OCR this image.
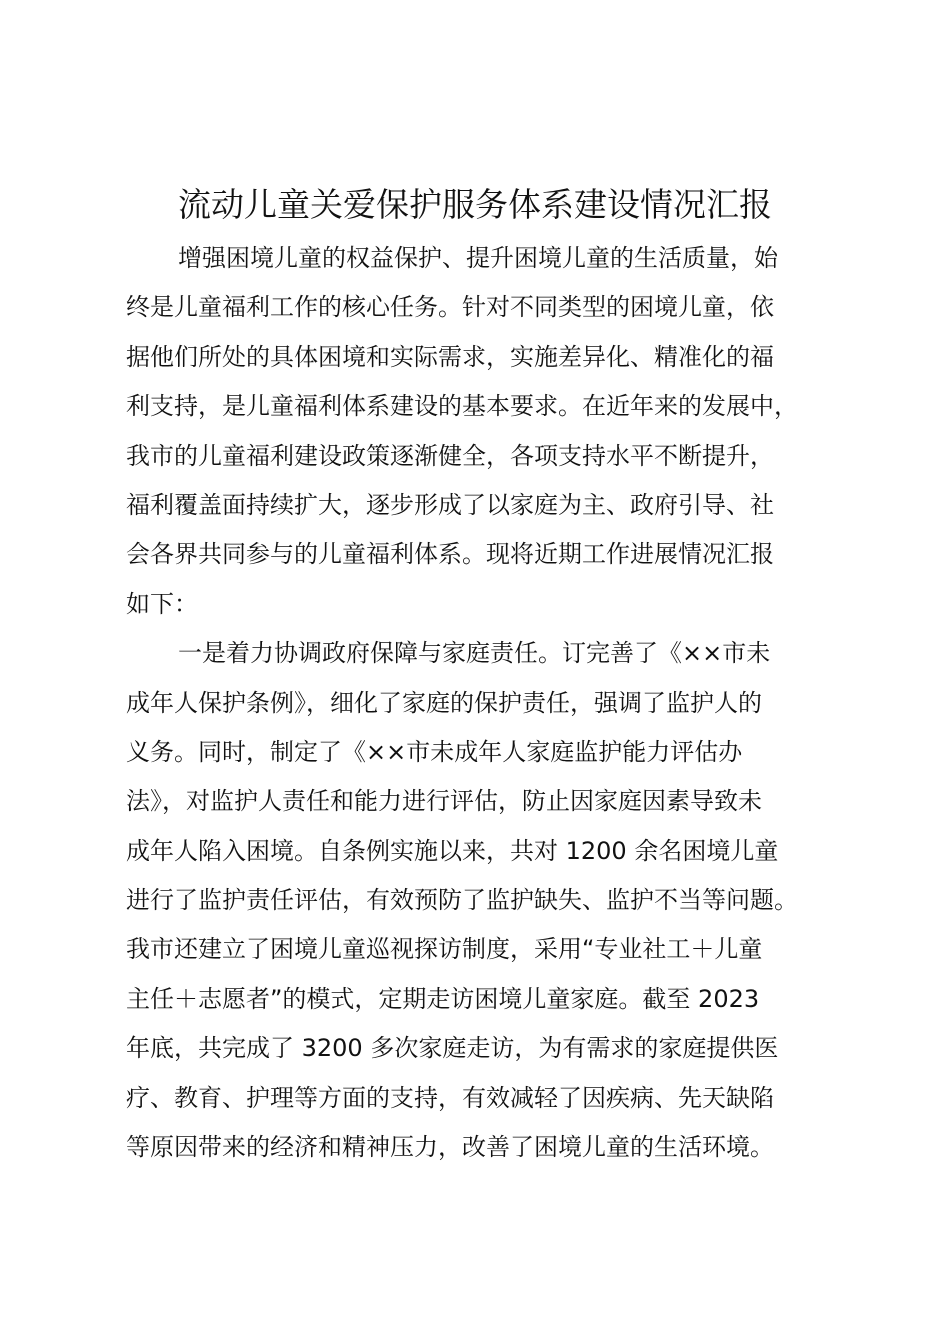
流动儿童关爱保护服务体系建设情况汇报
增强困境儿童的权益保护、提升困境儿童的生活质量，始
终是儿童福利工作的核心任务。针对不同类型的困境儿童，依
据他们所处的具体困境和实际需求，实施差异化、精准化的福
利支持，是儿童福利体系建设的基本要求。在近年来的发展中，
我市的儿童福利建设政策逐渐健全，各项支持水平不断提升，
福利覆盖面持续扩大，逐步形成了以家庭为主、政府引导、社
会各界共同参与的儿童福利体系。现将近期工作进展情况汇报
如下：
一是着力协调政府保障与家庭责任。订完善了《××市未
成年人保护条例》，细化了家庭的保护责任，强调了监护人的
义务。同时，制定了《××市未成年人家庭监护能力评估办
法》，对监护人责任和能力进行评估，防止因家庭因素导致未
成年人陷入困境。自条例实施以来，共对 1200 余名困境儿童
进行了监护责任评估，有效预防了监护缺失、监护不当等问题。
我市还建立了困境儿童巡视探访制度，采用“专业社工＋儿童
主任＋志愿者”的模式，定期走访困境儿童家庭。截至 2023
年底，共完成了 3200 多次家庭走访，为有需求的家庭提供医
疗、教育、护理等方面的支持，有效减轻了因疾病、先天缺陷
等原因带来的经济和精神压力，改善了困境儿童的生活环境。
